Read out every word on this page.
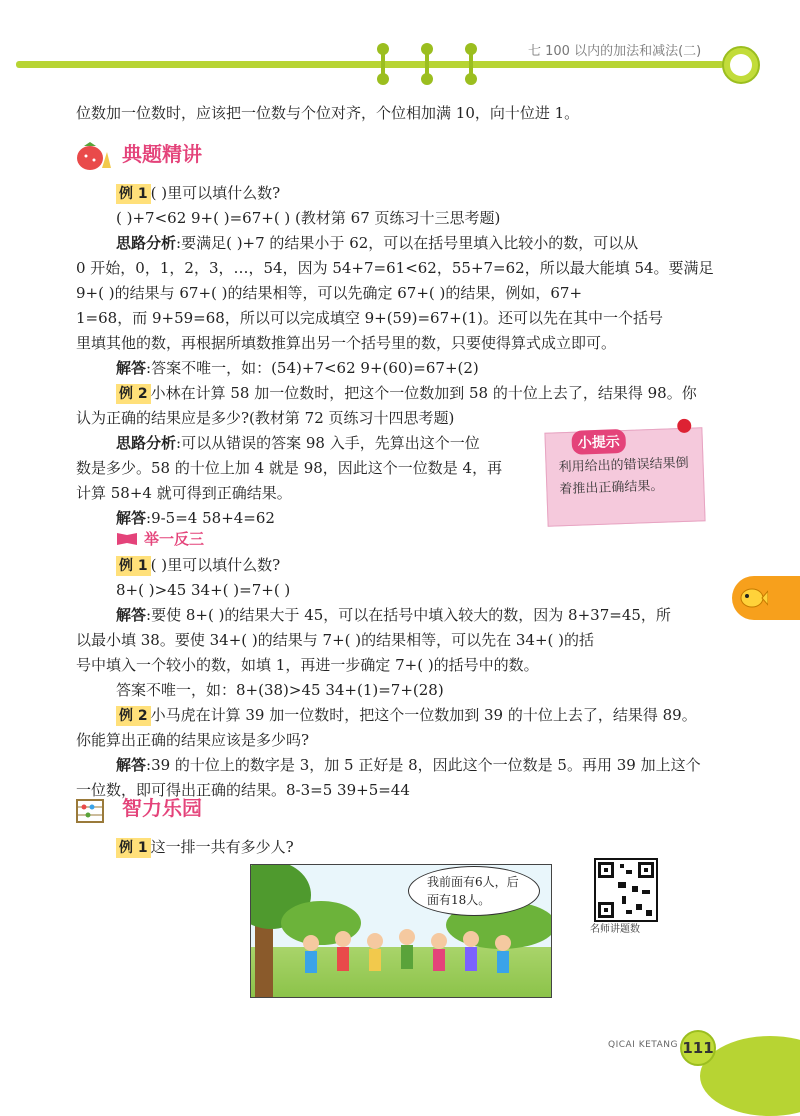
七 100 以内的加法和减法(二)
位数加一位数时，应该把一位数与个位对齐，个位相加满 10，向十位进 1。
典题精讲
例 1 ( )里可以填什么数?
( )+7<62 9+( )=67+( ) (教材第 67 页练习十三思考题)
思路分析:要满足( )+7 的结果小于 62，可以在括号里填入比较小的数，可以从
0 开始，0，1，2，3，…，54，因为 54+7=61<62，55+7=62，所以最大能填 54。要满足
9+( )的结果与 67+( )的结果相等，可以先确定 67+( )的结果，例如，67+
1=68，而 9+59=68，所以可以完成填空 9+(59)=67+(1)。还可以先在其中一个括号
里填其他的数，再根据所填数推算出另一个括号里的数，只要使得算式成立即可。
解答:答案不唯一，如：(54)+7<62 9+(60)=67+(2)
例 2 小林在计算 58 加一位数时，把这个一位数加到 58 的十位上去了，结果得 98。你
认为正确的结果应是多少?(教材第 72 页练习十四思考题)
思路分析:可以从错误的答案 98 入手，先算出这个一位
数是多少。58 的十位上加 4 就是 98，因此这个一位数是 4，再
计算 58+4 就可得到正确结果。
解答:9-5=4 58+4=62
小提示
利用给出的错误结果倒着推出正确结果。
举一反三
例 1 ( )里可以填什么数?
8+( )>45 34+( )=7+( )
解答:要使 8+( )的结果大于 45，可以在括号中填入较大的数，因为 8+37=45，所
以最小填 38。要使 34+( )的结果与 7+( )的结果相等，可以先在 34+( )的括
号中填入一个较小的数，如填 1，再进一步确定 7+( )的括号中的数。
答案不唯一，如：8+(38)>45 34+(1)=7+(28)
例 2 小马虎在计算 39 加一位数时，把这个一位数加到 39 的十位上去了，结果得 89。
你能算出正确的结果应该是多少吗?
解答:39 的十位上的数字是 3，加 5 正好是 8，因此这个一位数是 5。再用 39 加上这个
一位数，即可得出正确的结果。8-3=5 39+5=44
智力乐园
例 1 这一排一共有多少人?
我前面有6人，后面有18人。
名师讲题数
QICAI KETANG 111
